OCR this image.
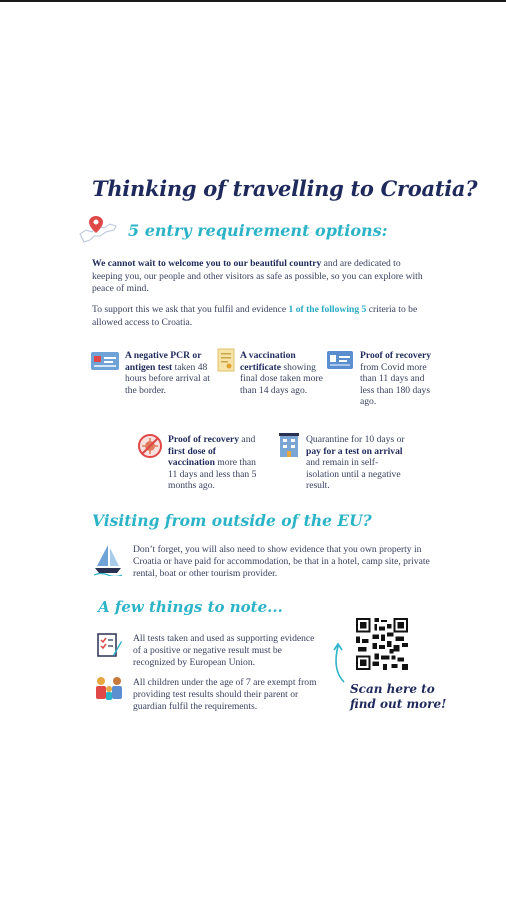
Thinking of travelling to Croatia?
5 entry requirement options:
We cannot wait to welcome you to our beautiful country and are dedicated to keeping you, our people and other visitors as safe as possible, so you can explore with peace of mind.
To support this we ask that you fulfil and evidence 1 of the following 5 criteria to be allowed access to Croatia.
A negative PCR or antigen test taken 48 hours before arrival at the border.
A vaccination certificate showing final dose taken more than 14 days ago.
Proof of recovery from Covid more than 11 days and less than 180 days ago.
Proof of recovery and first dose of vaccination more than 11 days and less than 5 months ago.
Quarantine for 10 days or pay for a test on arrival and remain in self-isolation until a negative result.
Visiting from outside of the EU?
Don’t forget, you will also need to show evidence that you own property in Croatia or have paid for accommodation, be that in a hotel, camp site, private rental, boat or other tourism provider.
A few things to note...
All tests taken and used as supporting evidence of a positive or negative result must be recognized by European Union.
All children under the age of 7 are exempt from providing test results should their parent or guardian fulfil the requirements.
Scan here to
find out more!
